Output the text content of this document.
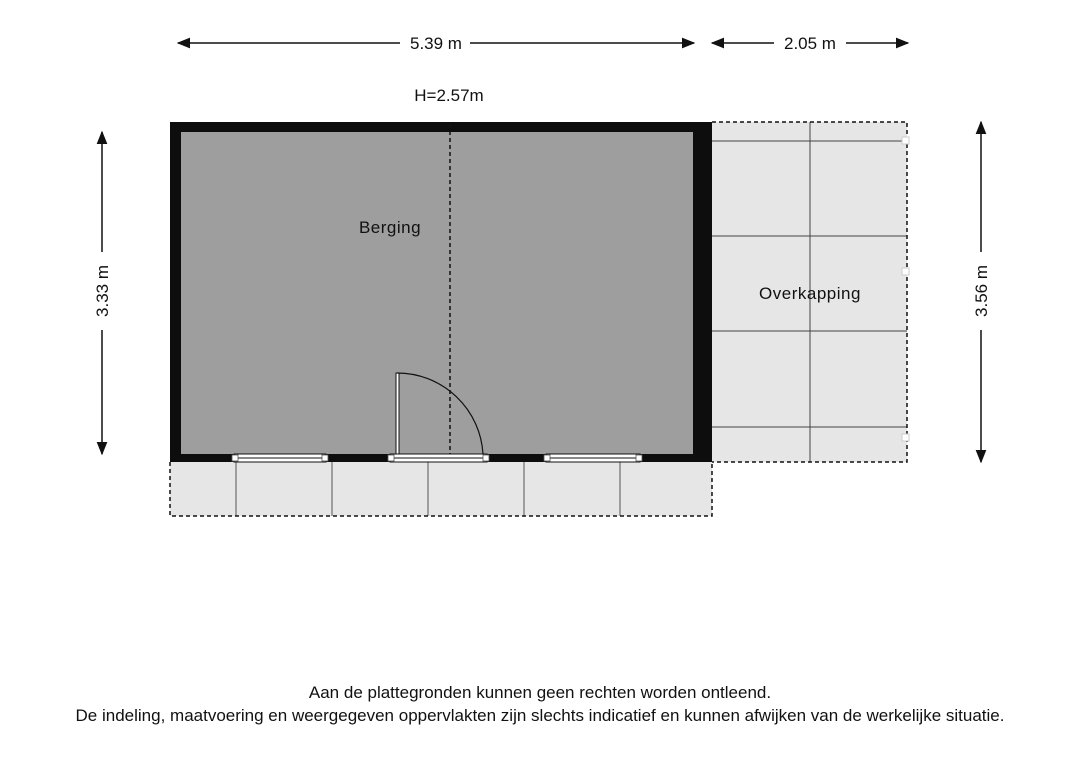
Berging
Overkapping
5.39 m	2.05 m
H=2.57m
3.33 m	3.56 m
Aan de plattegronden kunnen geen rechten worden ontleend.
De indeling, maatvoering en weergegeven oppervlakten zijn slechts indicatief en kunnen afwijken van de werkelijke situatie.
